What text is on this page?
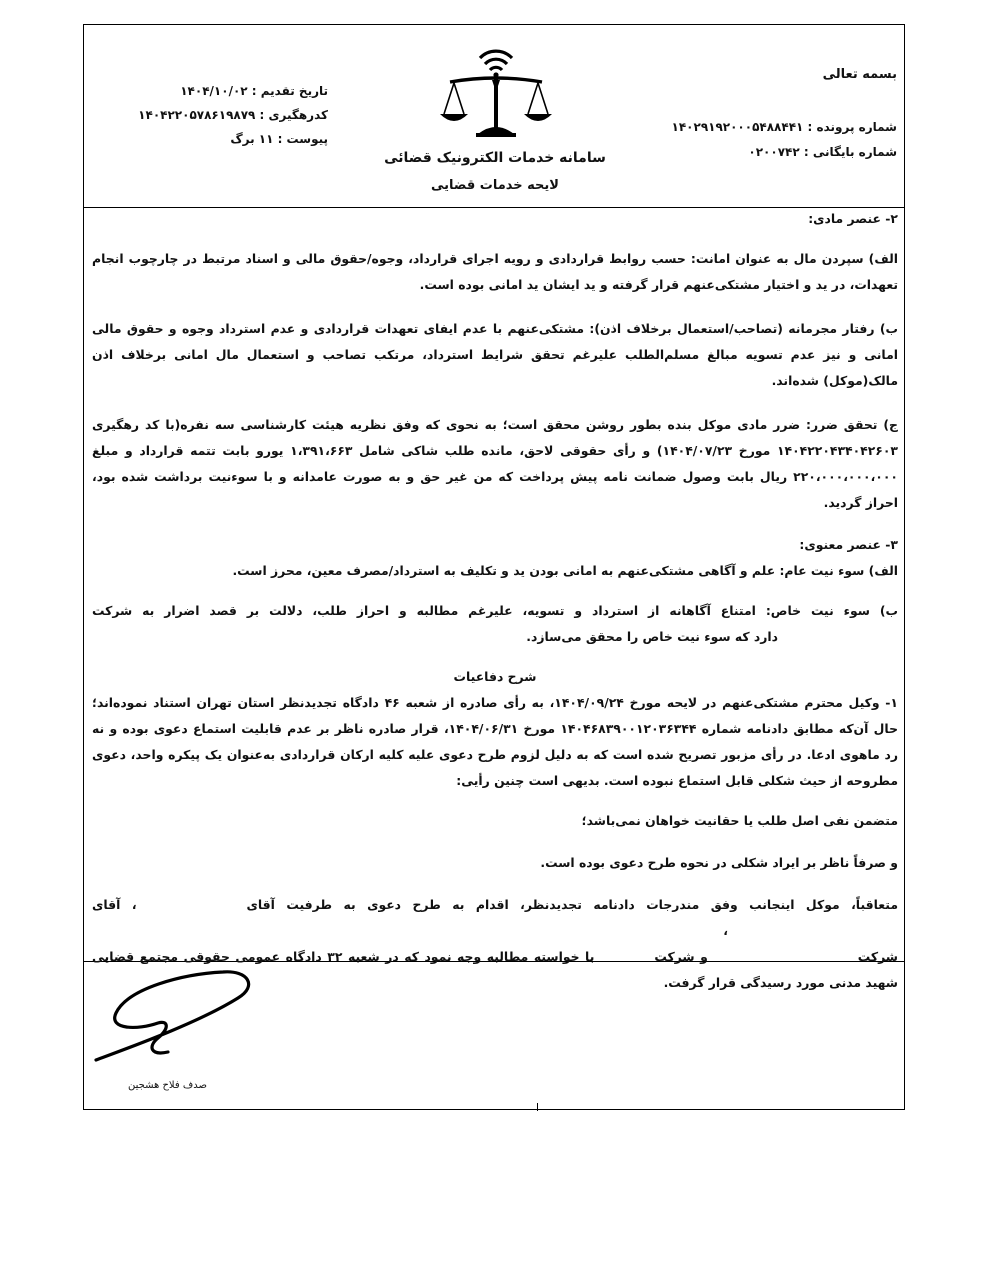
بسمه تعالی
شماره پرونده : ۱۴۰۲۹۱۹۲۰۰۰۵۴۸۸۴۴۱
شماره بایگانی : ۰۲۰۰۷۴۲
سامانه خدمات الکترونیک قضائی
لایحه خدمات قضایی
تاریخ تقدیم : ۱۴۰۴/۱۰/۰۲
کدرهگیری : ۱۴۰۴۲۲۰۵۷۸۶۱۹۸۷۹
پیوست : ۱۱ برگ

۲- عنصر مادی:

الف) سپردن مال به عنوان امانت: حسب روابط قراردادی و رویه اجرای قرارداد، وجوه/حقوق مالی و اسناد مرتبط در چارچوب انجام تعهدات، در ید و اختیار مشتکی‌عنهم قرار گرفته و ید ایشان ید امانی بوده است.

ب) رفتار مجرمانه (تصاحب/استعمال برخلاف اذن): مشتکی‌عنهم با عدم ایفای تعهدات قراردادی و عدم استرداد وجوه و حقوق مالی امانی و نیز عدم تسویه مبالغ مسلم‌الطلب علیرغم تحقق شرایط استرداد، مرتکب تصاحب و استعمال مال امانی برخلاف اذن مالک(موکل) شده‌اند.

ج) تحقق ضرر: ضرر مادی موکل بنده بطور روشن محقق است؛ به نحوی که وفق نظریه هیئت کارشناسی سه نفره(با کد رهگیری ۱۴۰۴۲۲۰۴۳۴۰۴۲۶۰۳ مورخ ۱۴۰۴/۰۷/۲۳) و رأی حقوقی لاحق، مانده طلب شاکی شامل ۱،۳۹۱،۶۶۳ یورو بابت تتمه قرارداد و مبلغ ۲۲۰،۰۰۰،۰۰۰،۰۰۰ ریال بابت وصول ضمانت نامه پیش پرداخت که من غیر حق و به صورت عامدانه و با سوءنیت برداشت شده بود، احراز گردید.

۳- عنصر معنوی:

الف) سوء نیت عام: علم و آگاهی مشتکی‌عنهم به امانی بودن ید و تکلیف به استرداد/مصرف معین، محرز است.

ب) سوء نیت خاص: امتناع آگاهانه از استرداد و تسویه، علیرغم مطالبه و احراز طلب، دلالت بر قصد اضرار به شرکتدارد که سوء نیت خاص را محقق می‌سازد.

شرح دفاعیات

۱- وکیل محترم مشتکی‌عنهم در لایحه مورخ ۱۴۰۴/۰۹/۲۴، به رأی صادره از شعبه ۴۶ دادگاه تجدیدنظر استان تهران استناد نموده‌اند؛ حال آن‌که مطابق دادنامه شماره ۱۴۰۴۶۸۳۹۰۰۱۲۰۳۶۳۴۴ مورخ ۱۴۰۴/۰۶/۳۱، قرار صادره ناظر بر عدم قابلیت استماع دعوی بوده و نه رد ماهوی ادعا. در رأی مزبور تصریح شده است که به دلیل لزوم طرح دعوی علیه کلیه ارکان قراردادی به‌عنوان یک پیکره واحد، دعوی مطروحه از حیث شکلی قابل استماع نبوده است. بدیهی است چنین رأیی:

متضمن نفی اصل طلب یا حقانیت خواهان نمی‌باشد؛

و صرفاً ناظر بر ایراد شکلی در نحوه طرح دعوی بوده است.

متعاقباً، موکل اینجانب وفق مندرجات دادنامه تجدیدنظر، اقدام به طرح دعوی به طرفیت آقای، آقای،
شرکتو شرکتبا خواسته مطالبه وجه نمود که در شعبه ۳۲ دادگاه عمومی حقوقی مجتمع قضایی شهید مدنی مورد رسیدگی قرار گرفت.

صدف فلاح هشجین
